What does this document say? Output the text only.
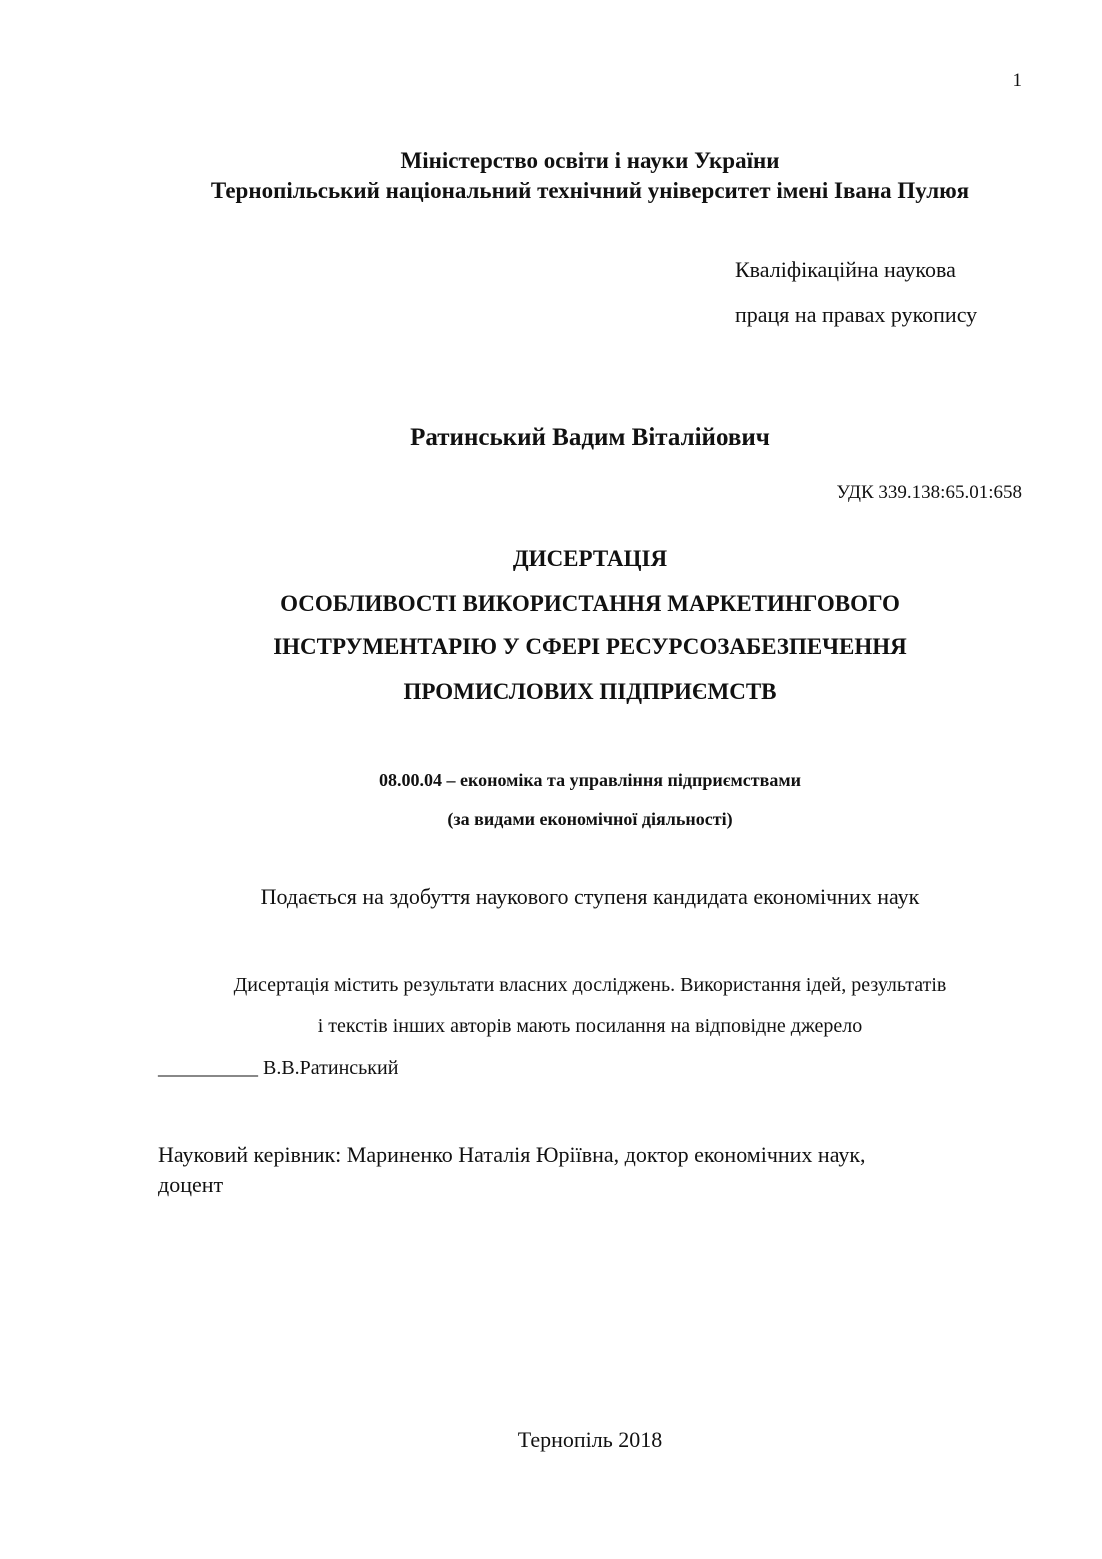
1
Міністерство освіти і науки України
Тернопільський національний технічний університет імені Івана Пулюя
Кваліфікаційна наукова
праця на правах рукопису
Ратинський Вадим Віталійович
УДК 339.138:65.01:658
ДИСЕРТАЦІЯ
ОСОБЛИВОСТІ ВИКОРИСТАННЯ МАРКЕТИНГОВОГО
ІНСТРУМЕНТАРІЮ У СФЕРІ РЕСУРСОЗАБЕЗПЕЧЕННЯ
ПРОМИСЛОВИХ ПІДПРИЄМСТВ
08.00.04 – економіка та управління підприємствами
(за видами економічної діяльності)
Подається на здобуття наукового ступеня кандидата економічних наук
Дисертація містить результати власних досліджень. Використання ідей, результатів
і текстів інших авторів мають посилання на відповідне джерело
__________ В.В.Ратинський
Науковий керівник: Мариненко Наталія Юріївна, доктор економічних наук,
доцент
Тернопіль 2018
